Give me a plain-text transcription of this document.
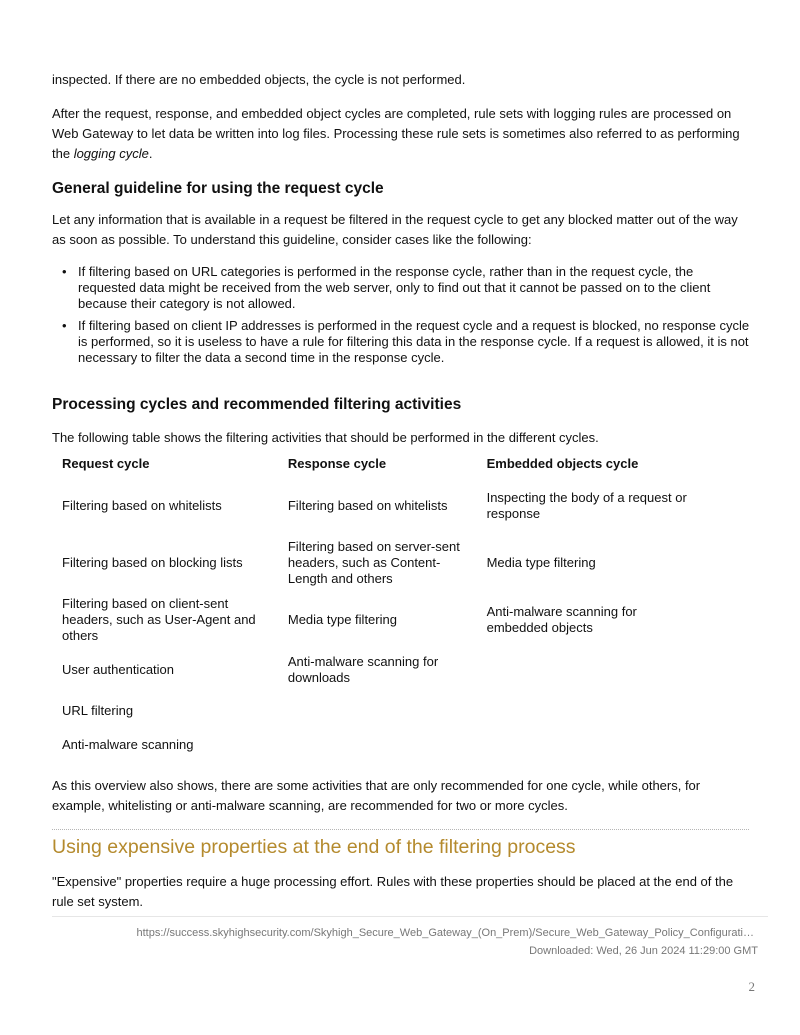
inspected. If there are no embedded objects, the cycle is not performed.

After the request, response, and embedded object cycles are completed, rule sets with logging rules are processed on Web Gateway to let data be written into log files. Processing these rule sets is sometimes also referred to as performing the logging cycle.

General guideline for using the request cycle

Let any information that is available in a request be filtered in the request cycle to get any blocked matter out of the way as soon as possible. To understand this guideline, consider cases like the following:

• If filtering based on URL categories is performed in the response cycle, rather than in the request cycle, the requested data might be received from the web server, only to find out that it cannot be passed on to the client because their category is not allowed.
• If filtering based on client IP addresses is performed in the request cycle and a request is blocked, no response cycle is performed, so it is useless to have a rule for filtering this data in the response cycle. If a request is allowed, it is not necessary to filter the data a second time in the response cycle.
Processing cycles and recommended filtering activities

The following table shows the filtering activities that should be performed in the different cycles.

Request cycle	Response cycle	Embedded objects cycle
Filtering based on whitelists	Filtering based on whitelists	Inspecting the body of a request or response
Filtering based on blocking lists	Filtering based on server-sent headers, such as Content-Length and others	Media type filtering
Filtering based on client-sent headers, such as User-Agent and others	Media type filtering	Anti-malware scanning for embedded objects
User authentication	Anti-malware scanning for downloads	
URL filtering		
Anti-malware scanning		

As this overview also shows, there are some activities that are only recommended for one cycle, while others, for example, whitelisting or anti-malware scanning, are recommended for two or more cycles.

Using expensive properties at the end of the filtering process

"Expensive" properties require a huge processing effort. Rules with these properties should be placed at the end of the rule set system.

https://success.skyhighsecurity.com/Skyhigh_Secure_Web_Gateway_(On_Prem)/Secure_Web_Gateway_Policy_Configurati…
Downloaded: Wed, 26 Jun 2024 11:29:00 GMT
2
